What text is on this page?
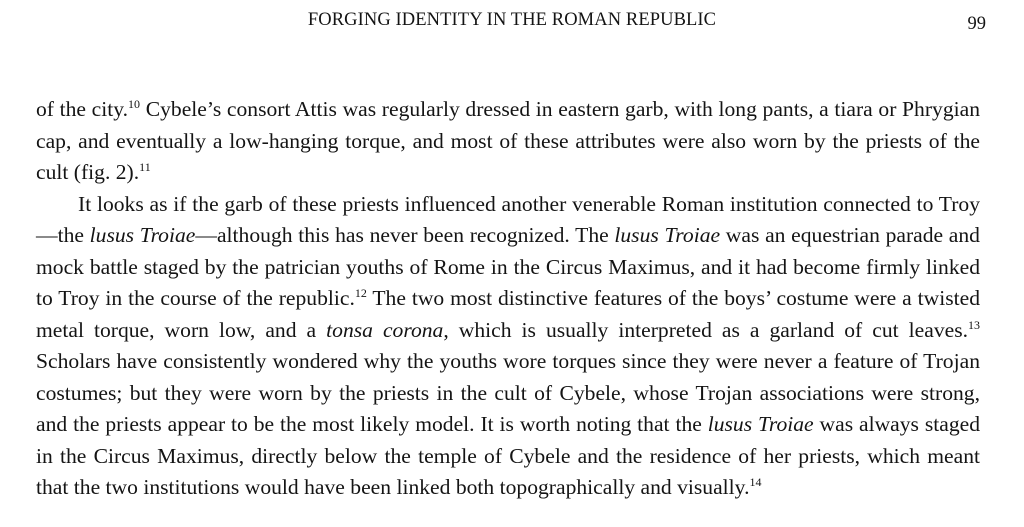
FORGING IDENTITY IN THE ROMAN REPUBLIC	99

of the city.$^{10}$ Cybele’s consort Attis was regularly dressed in eastern garb, with long pants, a tiara or Phrygian cap, and eventually a low-hanging torque, and most of these attributes were also worn by the priests of the cult (fig. 2).$^{11}$

It looks as if the garb of these priests influenced another venerable Roman institution connected to Troy—the lusus Troiae—although this has never been recognized. The lusus Troiae was an equestrian parade and mock battle staged by the patrician youths of Rome in the Circus Maximus, and it had become firmly linked to Troy in the course of the republic.$^{12}$ The two most distinctive features of the boys’ costume were a twisted metal torque, worn low, and a tonsa corona, which is usually interpreted as a garland of cut leaves.$^{13}$ Scholars have consistently wondered why the youths wore torques since they were never a feature of Trojan costumes; but they were worn by the priests in the cult of Cybele, whose Trojan associations were strong, and the priests appear to be the most likely model. It is worth noting that the lusus Troiae was always staged in the Circus Maximus, directly below the temple of Cybele and the residence of her priests, which meant that the two institutions would have been linked both topographically and visually.$^{14}$
